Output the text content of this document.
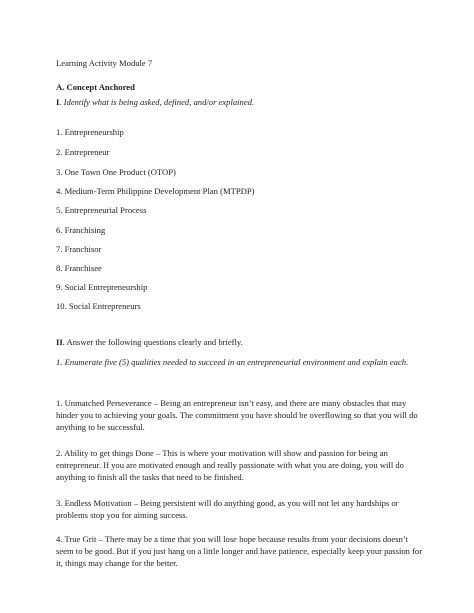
Learning Activity Module 7
A. Concept Anchored
I. Identify what is being asked, defined, and/or explained.
1. Entrepreneurship
2. Entrepreneur
3. One Town One Product (OTOP)
4. Medium-Term Philippine Development Plan (MTPDP)
5. Entrepreneurial Process
6. Franchising
7. Franchisor
8. Franchisee
9. Social Entrepreneurship
10. Social Entrepreneurs
II. Answer the following questions clearly and briefly.
1. Enumerate five (5) qualities needed to succeed in an entrepreneurial environment and explain each.
1. Unmatched Perseverance – Being an entrepreneur isn’t easy, and there are many obstacles that may hinder you to achieving your goals. The commitment you have should be overflowing so that you will do anything to be successful.
2. Ability to get things Done – This is where your motivation will show and passion for being an entrepreneur. If you are motivated enough and really passionate with what you are doing, you will do anything to finish all the tasks that need to be finished.
3. Endless Motivation – Being persistent will do anything good, as you will not let any hardships or problems stop you for aiming success.
4. True Grit – There may be a time that you will lose hope because results from your decisions doesn’t seem to be good. But if you just hang on a little longer and have patience, especially keep your passion for it, things may change for the better.
